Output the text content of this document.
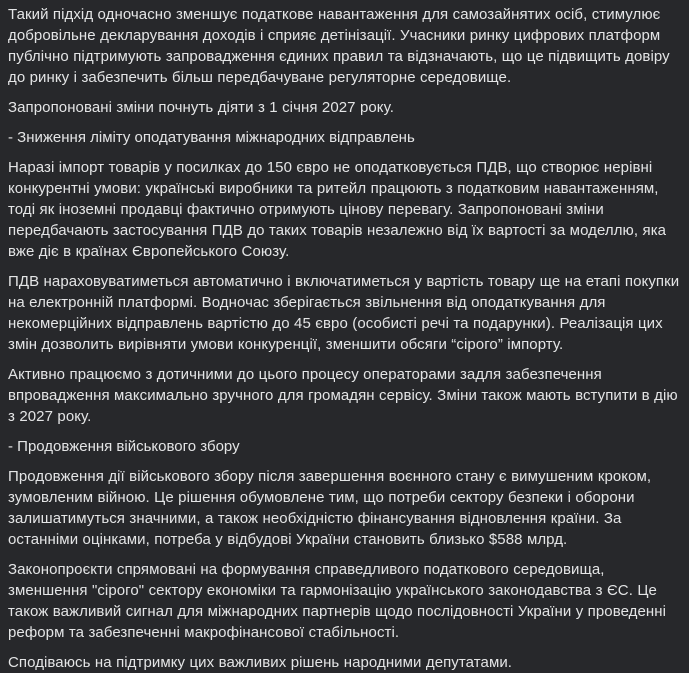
Такий підхід одночасно зменшує податкове навантаження для самозайнятих осіб, стимулює добровільне декларування доходів і сприяє детінізації. Учасники ринку цифрових платформ публічно підтримують запровадження єдиних правил та відзначають, що це підвищить довіру до ринку і забезпечить більш передбачуване регуляторне середовище.

Запропоновані зміни почнуть діяти з 1 січня 2027 року.

- Зниження ліміту оподатування міжнародних відправлень

Наразі імпорт товарів у посилках до 150 євро не оподатковується ПДВ, що створює нерівні конкурентні умови: українські виробники та ритейл працюють з податковим навантаженням, тоді як іноземні продавці фактично отримують цінову перевагу. Запропоновані зміни передбачають застосування ПДВ до таких товарів незалежно від їх вартості за моделлю, яка вже діє в країнах Європейського Союзу.

ПДВ нараховуватиметься автоматично і включатиметься у вартість товару ще на етапі покупки на електронній платформі. Водночас зберігається звільнення від оподаткування для некомерційних відправлень вартістю до 45 євро (особисті речі та подарунки). Реалізація цих змін дозволить вирівняти умови конкуренції, зменшити обсяги “сірого” імпорту.

Активно працюємо з дотичними до цього процесу операторами задля забезпечення впровадження максимально зручного для громадян сервісу. Зміни також мають вступити в дію з 2027 року.

- Продовження військового збору

Продовження дії військового збору після завершення воєнного стану є вимушеним кроком, зумовленим війною. Це рішення обумовлене тим, що потреби сектору безпеки і оборони залишатимуться значними, а також необхідністю фінансування відновлення країни. За останніми оцінками, потреба у відбудові України становить близько $588 млрд.

Законопроєкти спрямовані на формування справедливого податкового середовища, зменшення "сірого" сектору економіки та гармонізацію українського законодавства з ЄС. Це також важливий сигнал для міжнародних партнерів щодо послідовності України у проведенні реформ та забезпеченні макрофінансової стабільності.

Сподіваюсь на підтримку цих важливих рішень народними депутатами.
